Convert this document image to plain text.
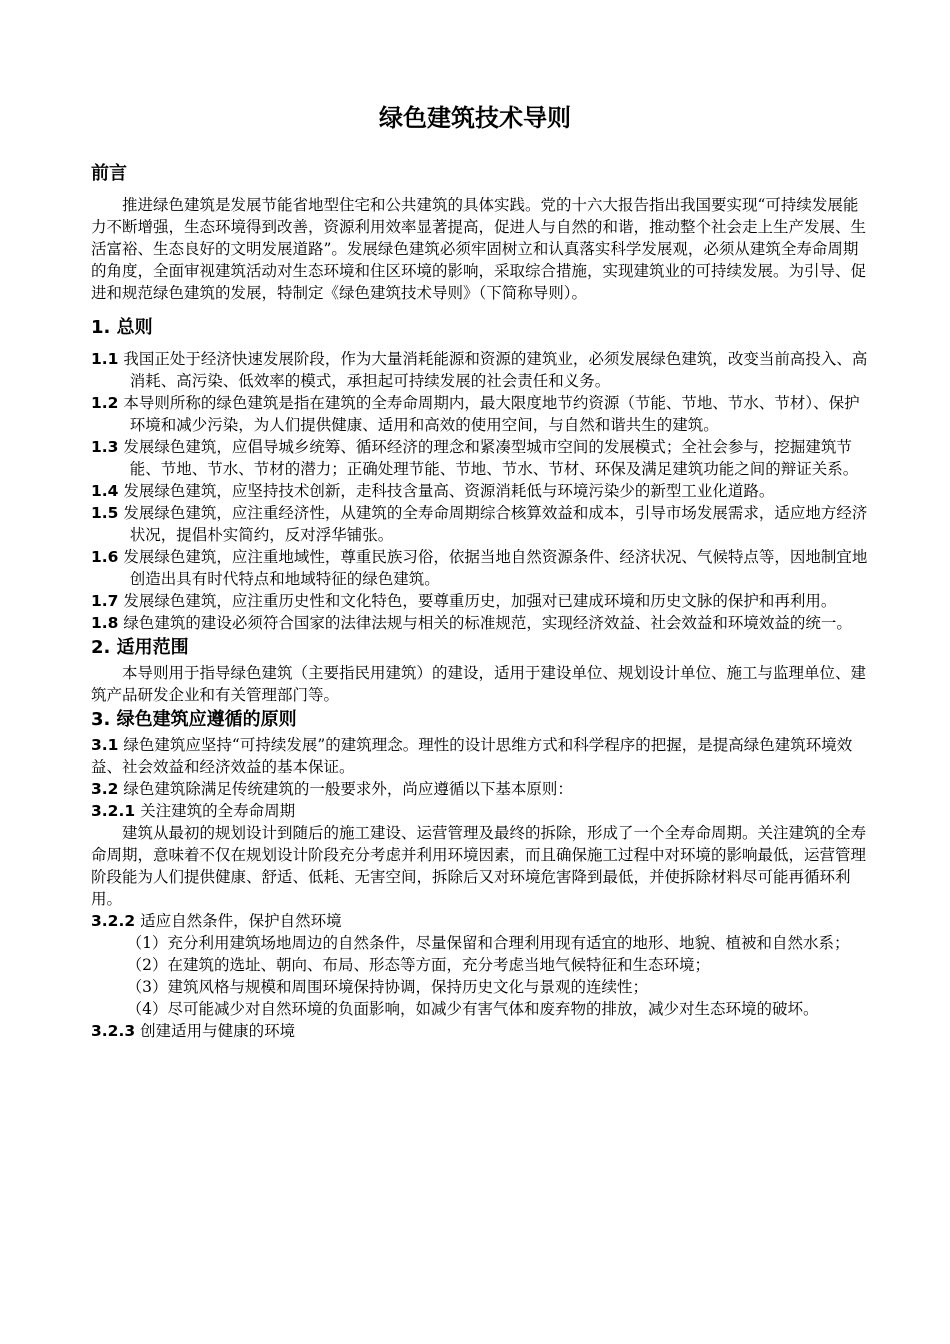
绿色建筑技术导则
前言

推进绿色建筑是发展节能省地型住宅和公共建筑的具体实践。党的十六大报告指出我国要实现“可持续发展能力不断增强，生态环境得到改善，资源利用效率显著提高，促进人与自然的和谐，推动整个社会走上生产发展、生活富裕、生态良好的文明发展道路”。发展绿色建筑必须牢固树立和认真落实科学发展观，必须从建筑全寿命周期的角度，全面审视建筑活动对生态环境和住区环境的影响，采取综合措施，实现建筑业的可持续发展。为引导、促进和规范绿色建筑的发展，特制定《绿色建筑技术导则》（下简称导则）。

1. 总则

1.1 我国正处于经济快速发展阶段，作为大量消耗能源和资源的建筑业，必须发展绿色建筑，改变当前高投入、高消耗、高污染、低效率的模式，承担起可持续发展的社会责任和义务。

1.2 本导则所称的绿色建筑是指在建筑的全寿命周期内，最大限度地节约资源（节能、节地、节水、节材）、保护环境和减少污染，为人们提供健康、适用和高效的使用空间，与自然和谐共生的建筑。

1.3 发展绿色建筑，应倡导城乡统筹、循环经济的理念和紧凑型城市空间的发展模式；全社会参与，挖掘建筑节能、节地、节水、节材的潜力；正确处理节能、节地、节水、节材、环保及满足建筑功能之间的辩证关系。

1.4 发展绿色建筑，应坚持技术创新，走科技含量高、资源消耗低与环境污染少的新型工业化道路。

1.5 发展绿色建筑，应注重经济性，从建筑的全寿命周期综合核算效益和成本，引导市场发展需求，适应地方经济状况，提倡朴实简约，反对浮华铺张。

1.6 发展绿色建筑，应注重地域性，尊重民族习俗，依据当地自然资源条件、经济状况、气候特点等，因地制宜地创造出具有时代特点和地域特征的绿色建筑。

1.7 发展绿色建筑，应注重历史性和文化特色，要尊重历史，加强对已建成环境和历史文脉的保护和再利用。

1.8 绿色建筑的建设必须符合国家的法律法规与相关的标准规范，实现经济效益、社会效益和环境效益的统一。

2. 适用范围

本导则用于指导绿色建筑（主要指民用建筑）的建设，适用于建设单位、规划设计单位、施工与监理单位、建筑产品研发企业和有关管理部门等。

3. 绿色建筑应遵循的原则

3.1 绿色建筑应坚持“可持续发展”的建筑理念。理性的设计思维方式和科学程序的把握，是提高绿色建筑环境效益、社会效益和经济效益的基本保证。

3.2 绿色建筑除满足传统建筑的一般要求外，尚应遵循以下基本原则：

3.2.1 关注建筑的全寿命周期

建筑从最初的规划设计到随后的施工建设、运营管理及最终的拆除，形成了一个全寿命周期。关注建筑的全寿命周期，意味着不仅在规划设计阶段充分考虑并利用环境因素，而且确保施工过程中对环境的影响最低，运营管理阶段能为人们提供健康、舒适、低耗、无害空间，拆除后又对环境危害降到最低，并使拆除材料尽可能再循环利用。

3.2.2 适应自然条件，保护自然环境

（1）充分利用建筑场地周边的自然条件，尽量保留和合理利用现有适宜的地形、地貌、植被和自然水系；

（2）在建筑的选址、朝向、布局、形态等方面，充分考虑当地气候特征和生态环境；

（3）建筑风格与规模和周围环境保持协调，保持历史文化与景观的连续性；

（4）尽可能减少对自然环境的负面影响，如减少有害气体和废弃物的排放，减少对生态环境的破坏。

3.2.3 创建适用与健康的环境
